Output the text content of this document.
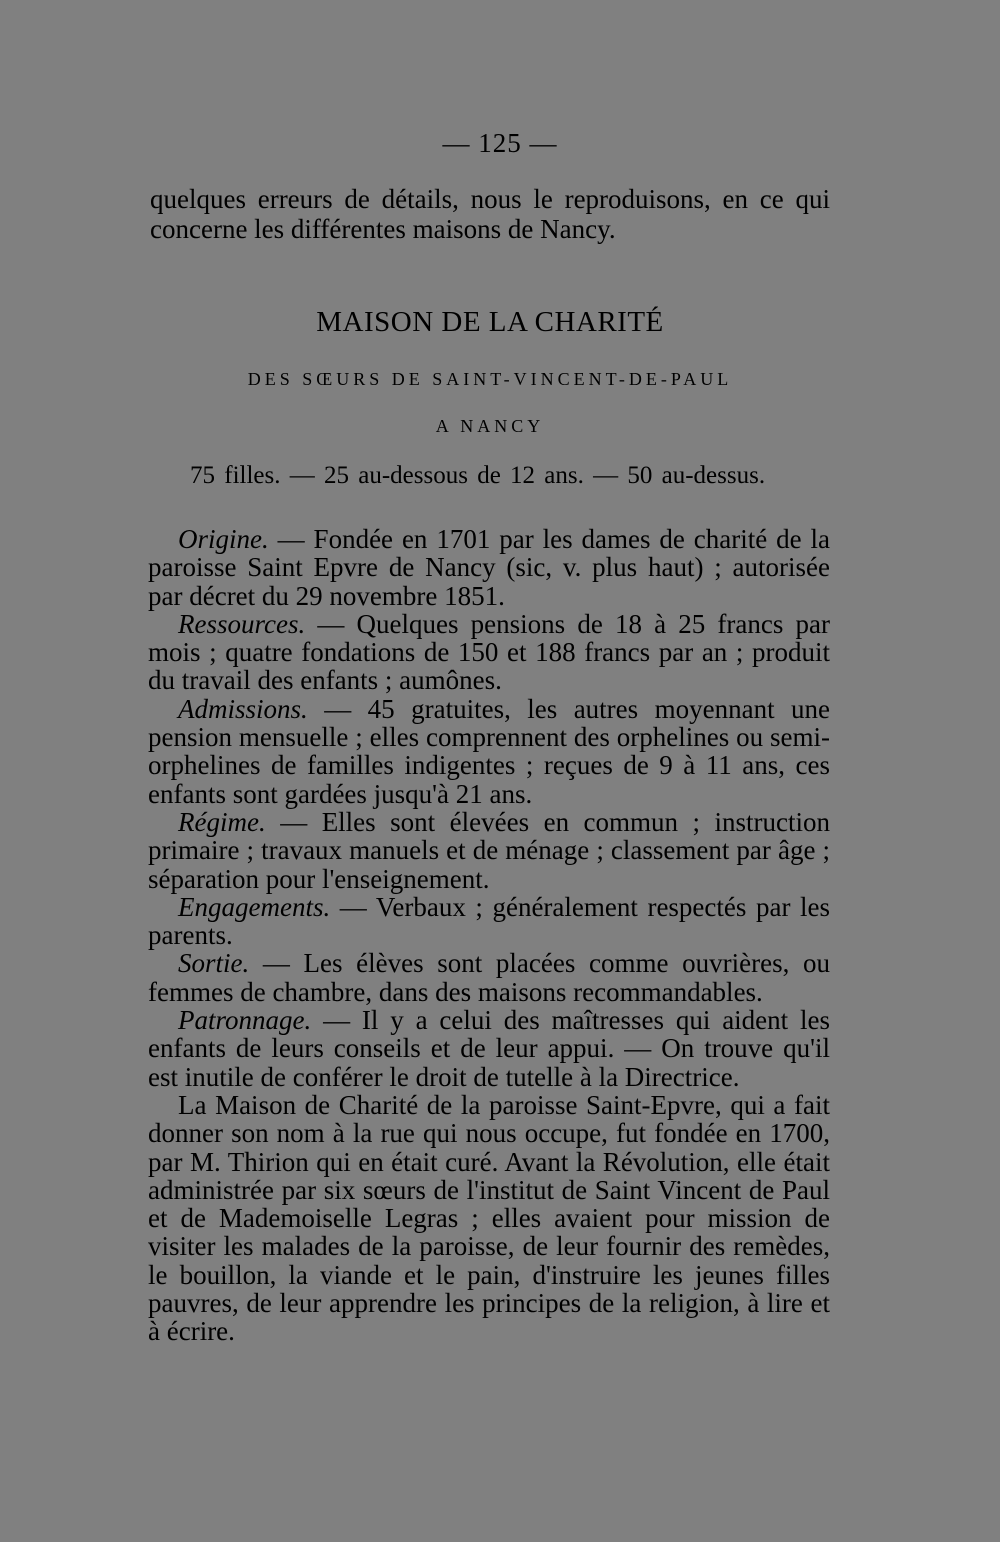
— 125 —
quelques erreurs de détails, nous le reproduisons, en ce qui concerne les différentes maisons de Nancy.
MAISON DE LA CHARITÉ
DES SŒURS DE SAINT-VINCENT-DE-PAUL
A NANCY
75 filles. — 25 au-dessous de 12 ans. — 50 au-dessus.

Origine. — Fondée en 1701 par les dames de charité de la paroisse Saint Epvre de Nancy (sic, v. plus haut) ; autorisée par décret du 29 novembre 1851.

Ressources. — Quelques pensions de 18 à 25 francs par mois ; quatre fondations de 150 et 188 francs par an ; produit du travail des enfants ; aumônes.

Admissions. — 45 gratuites, les autres moyennant une pension mensuelle ; elles comprennent des orphelines ou semi-orphelines de familles indigentes ; reçues de 9 à 11 ans, ces enfants sont gardées jusqu'à 21 ans.

Régime. — Elles sont élevées en commun ; instruction primaire ; travaux manuels et de ménage ; classement par âge ; séparation pour l'enseignement.

Engagements. — Verbaux ; généralement respectés par les parents.

Sortie. — Les élèves sont placées comme ouvrières, ou femmes de chambre, dans des maisons recommandables.

Patronnage. — Il y a celui des maîtresses qui aident les enfants de leurs conseils et de leur appui. — On trouve qu'il est inutile de conférer le droit de tutelle à la Directrice.

La Maison de Charité de la paroisse Saint-Epvre, qui a fait donner son nom à la rue qui nous occupe, fut fondée en 1700, par M. Thirion qui en était curé. Avant la Révolution, elle était administrée par six sœurs de l'institut de Saint Vincent de Paul et de Mademoiselle Legras ; elles avaient pour mission de visiter les malades de la paroisse, de leur fournir des remèdes, le bouillon, la viande et le pain, d'instruire les jeunes filles pauvres, de leur apprendre les principes de la religion, à lire et à écrire.
